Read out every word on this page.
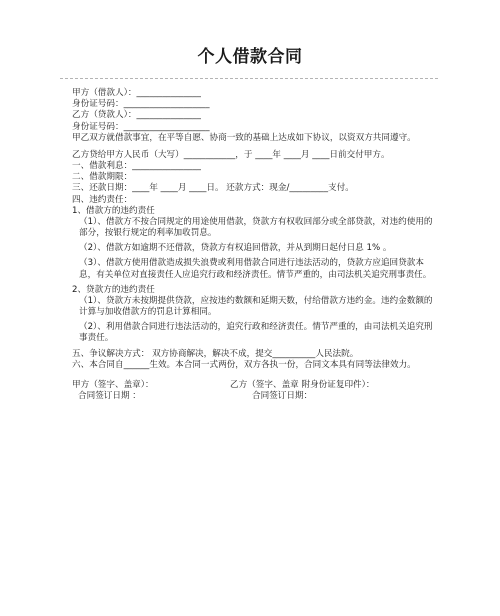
个人借款合同

甲方（借款人）：_______________

身份证号码：____________________

乙方（贷款人）：_______________

身份证号码：____________________

甲乙双方就借款事宜，在平等自愿、协商一致的基础上达成如下协议，以资双方共同遵守。

乙方贷给甲方人民币（大写）____________，于 ____年 ____月 ____日前交付甲方。

一、借款利息：________________

二、借款期限：

三、还款日期：____年 ____月 ____日。 还款方式：现金/_________支付。

四、违约责任：

1、借款方的违约责任

（1）、借款方不按合同规定的用途使用借款，贷款方有权收回部分或全部贷款，对违约使用的部分，按银行规定的利率加收罚息。

（2）、借款方如逾期不还借款，贷款方有权追回借款，并从到期日起付日息 1% 。

（3）、借款方使用借款造成损失浪费或利用借款合同进行违法活动的，贷款方应追回贷款本息，有关单位对直接责任人应追究行政和经济责任。情节严重的，由司法机关追究刑事责任。

2、贷款方的违约责任

（1）、贷款方未按期提供贷款，应按违约数额和延期天数，付给借款方违约金。违约金数额的计算与加收借款方的罚息计算相同。

（2）、利用借款合同进行违法活动的，追究行政和经济责任。情节严重的，由司法机关追究刑事责任。

五、争议解决方式： 双方协商解决，解决不成，提交__________人民法院。

六、本合同自______生效。本合同一式两份，双方各执一份，合同文本具有同等法律效力。

甲方（签字、盖章）：	乙方（签字、盖章 附身份证复印件）：
合同签订日期 ：	合同签订日期：
